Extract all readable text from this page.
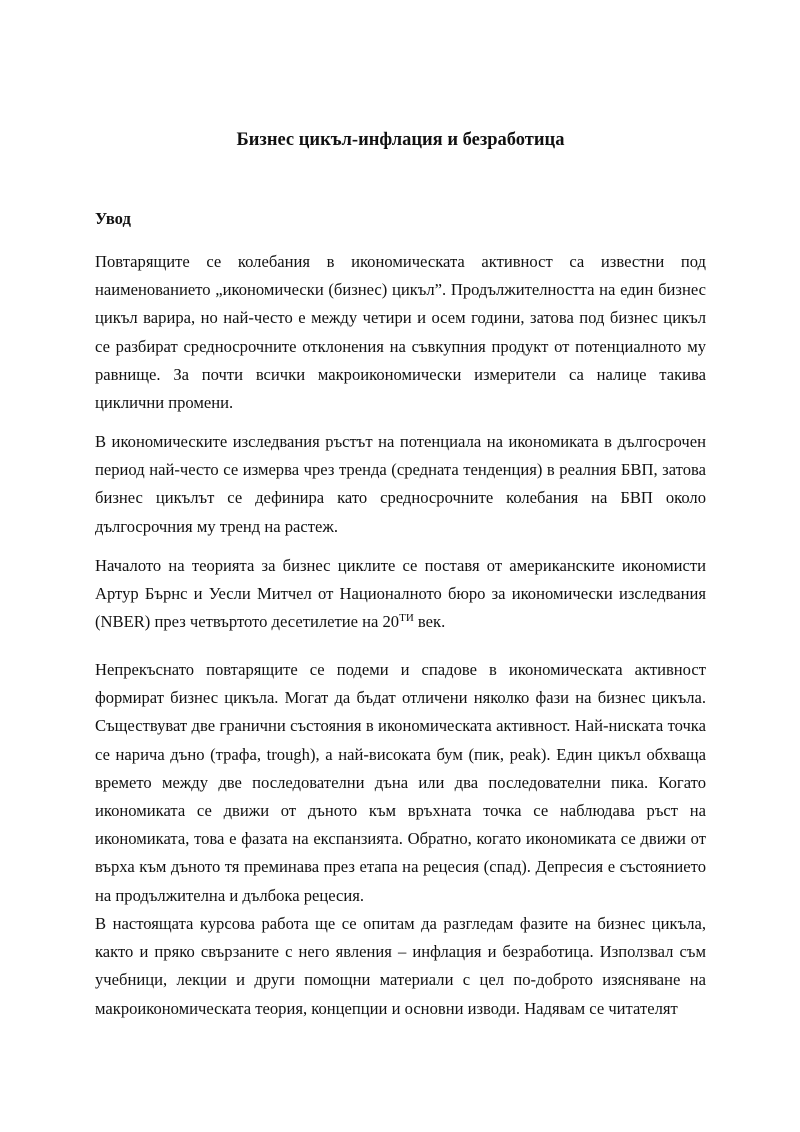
Бизнес цикъл-инфлация и безработица
Увод

Повтарящите се колебания в икономическата активност са известни под наименованието „икономически (бизнес) цикъл”. Продължителността на един бизнес цикъл варира, но най-често е между четири и осем години, затова под бизнес цикъл се разбират средносрочните отклонения на съвкупния продукт от потенциалното му равнище. За почти всички макроикономически измерители са налице такива циклични промени.

В икономическите изследвания ръстът на потенциала на икономиката в дългосрочен период най-често се измерва чрез тренда (средната тенденция) в реалния БВП, затова бизнес цикълът се дефинира като средносрочните колебания на БВП около дългосрочния му тренд на растеж.

Началото на теорията за бизнес циклите се поставя от американските икономисти Артур Бърнс и Уесли Митчел от Националното бюро за икономически изследвания (NBER) през четвъртото десетилетие на $20^{ТИ}$ век.

Непрекъснато повтарящите се подеми и спадове в икономическата активност формират бизнес цикъла. Могат да бъдат отличени няколко фази на бизнес цикъла. Съществуват две гранични състояния в икономическата активност. Най-ниската точка се нарича дъно (трафа, trough), а най-високата бум (пик, peak). Един цикъл обхваща времето между две последователни дъна или два последователни пика. Когато икономиката се движи от дъното към връхната точка се наблюдава ръст на икономиката, това е фазата на експанзията. Обратно, когато икономиката се движи от върха към дъното тя преминава през етапа на рецесия (спад). Депресия е състоянието на продължителна и дълбока рецесия.

В настоящата курсова работа ще се опитам да разгледам фазите на бизнес цикъла, както и пряко свързаните с него явления – инфлация и безработица. Използвал съм учебници, лекции и други помощни материали с цел по-доброто изясняване на макроикономическата теория, концепции и основни изводи. Надявам се читателят
